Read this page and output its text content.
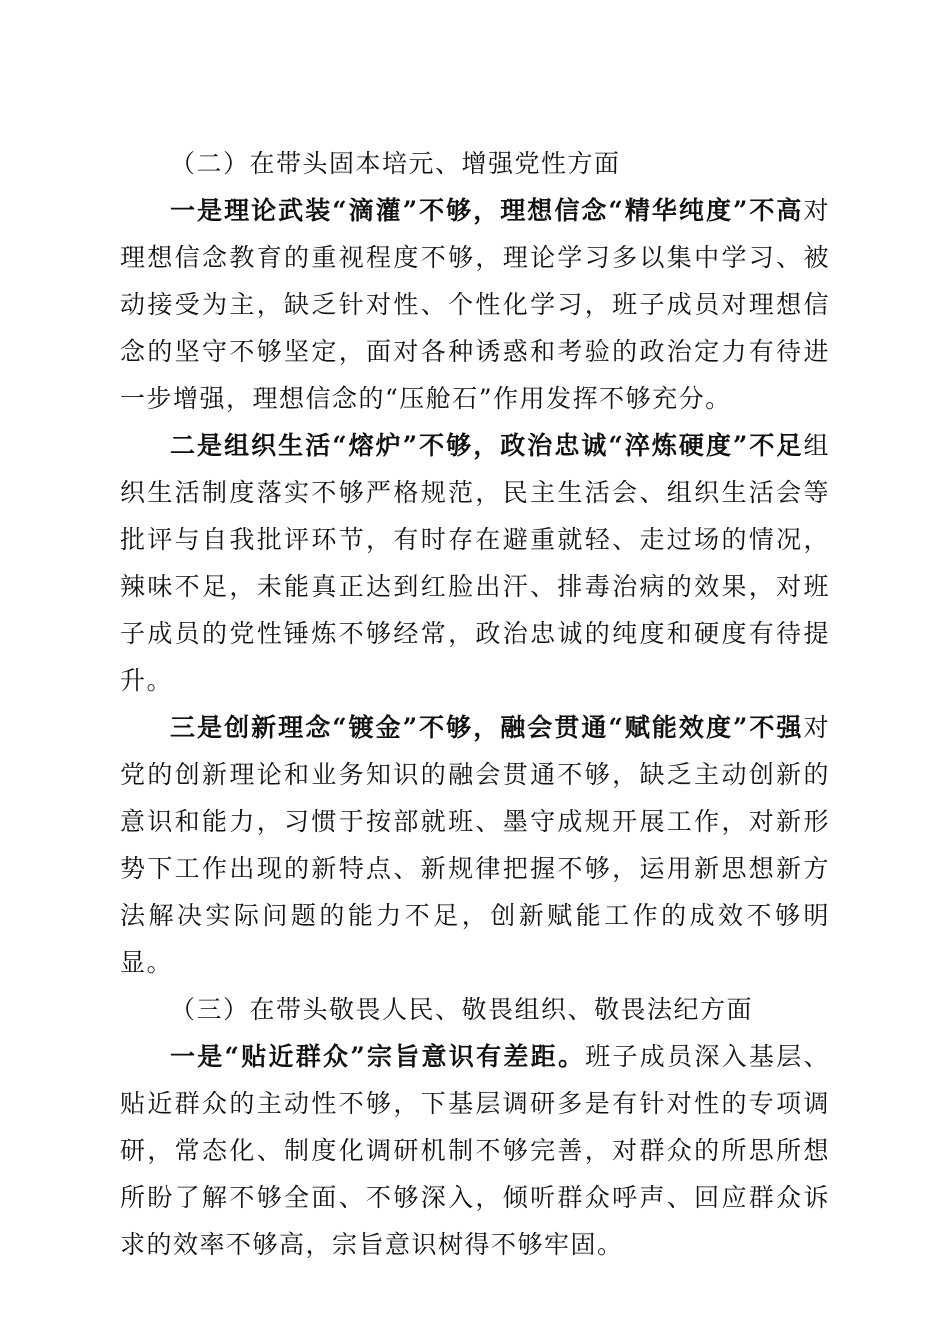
（二）在带头固本培元、增强党性方面

一是理论武装“滴灌”不够，理想信念“精华纯度”不高对理想信念教育的重视程度不够，理论学习多以集中学习、被动接受为主，缺乏针对性、个性化学习，班子成员对理想信念的坚守不够坚定，面对各种诱惑和考验的政治定力有待进一步增强，理想信念的“压舱石”作用发挥不够充分。

二是组织生活“熔炉”不够，政治忠诚“淬炼硬度”不足组织生活制度落实不够严格规范，民主生活会、组织生活会等批评与自我批评环节，有时存在避重就轻、走过场的情况，辣味不足，未能真正达到红脸出汗、排毒治病的效果，对班子成员的党性锤炼不够经常，政治忠诚的纯度和硬度有待提升。

三是创新理念“镀金”不够，融会贯通“赋能效度”不强对党的创新理论和业务知识的融会贯通不够，缺乏主动创新的意识和能力，习惯于按部就班、墨守成规开展工作，对新形势下工作出现的新特点、新规律把握不够，运用新思想新方法解决实际问题的能力不足，创新赋能工作的成效不够明显。

（三）在带头敬畏人民、敬畏组织、敬畏法纪方面

一是“贴近群众”宗旨意识有差距。班子成员深入基层、贴近群众的主动性不够，下基层调研多是有针对性的专项调研，常态化、制度化调研机制不够完善，对群众的所思所想所盼了解不够全面、不够深入，倾听群众呼声、回应群众诉求的效率不够高，宗旨意识树得不够牢固。
